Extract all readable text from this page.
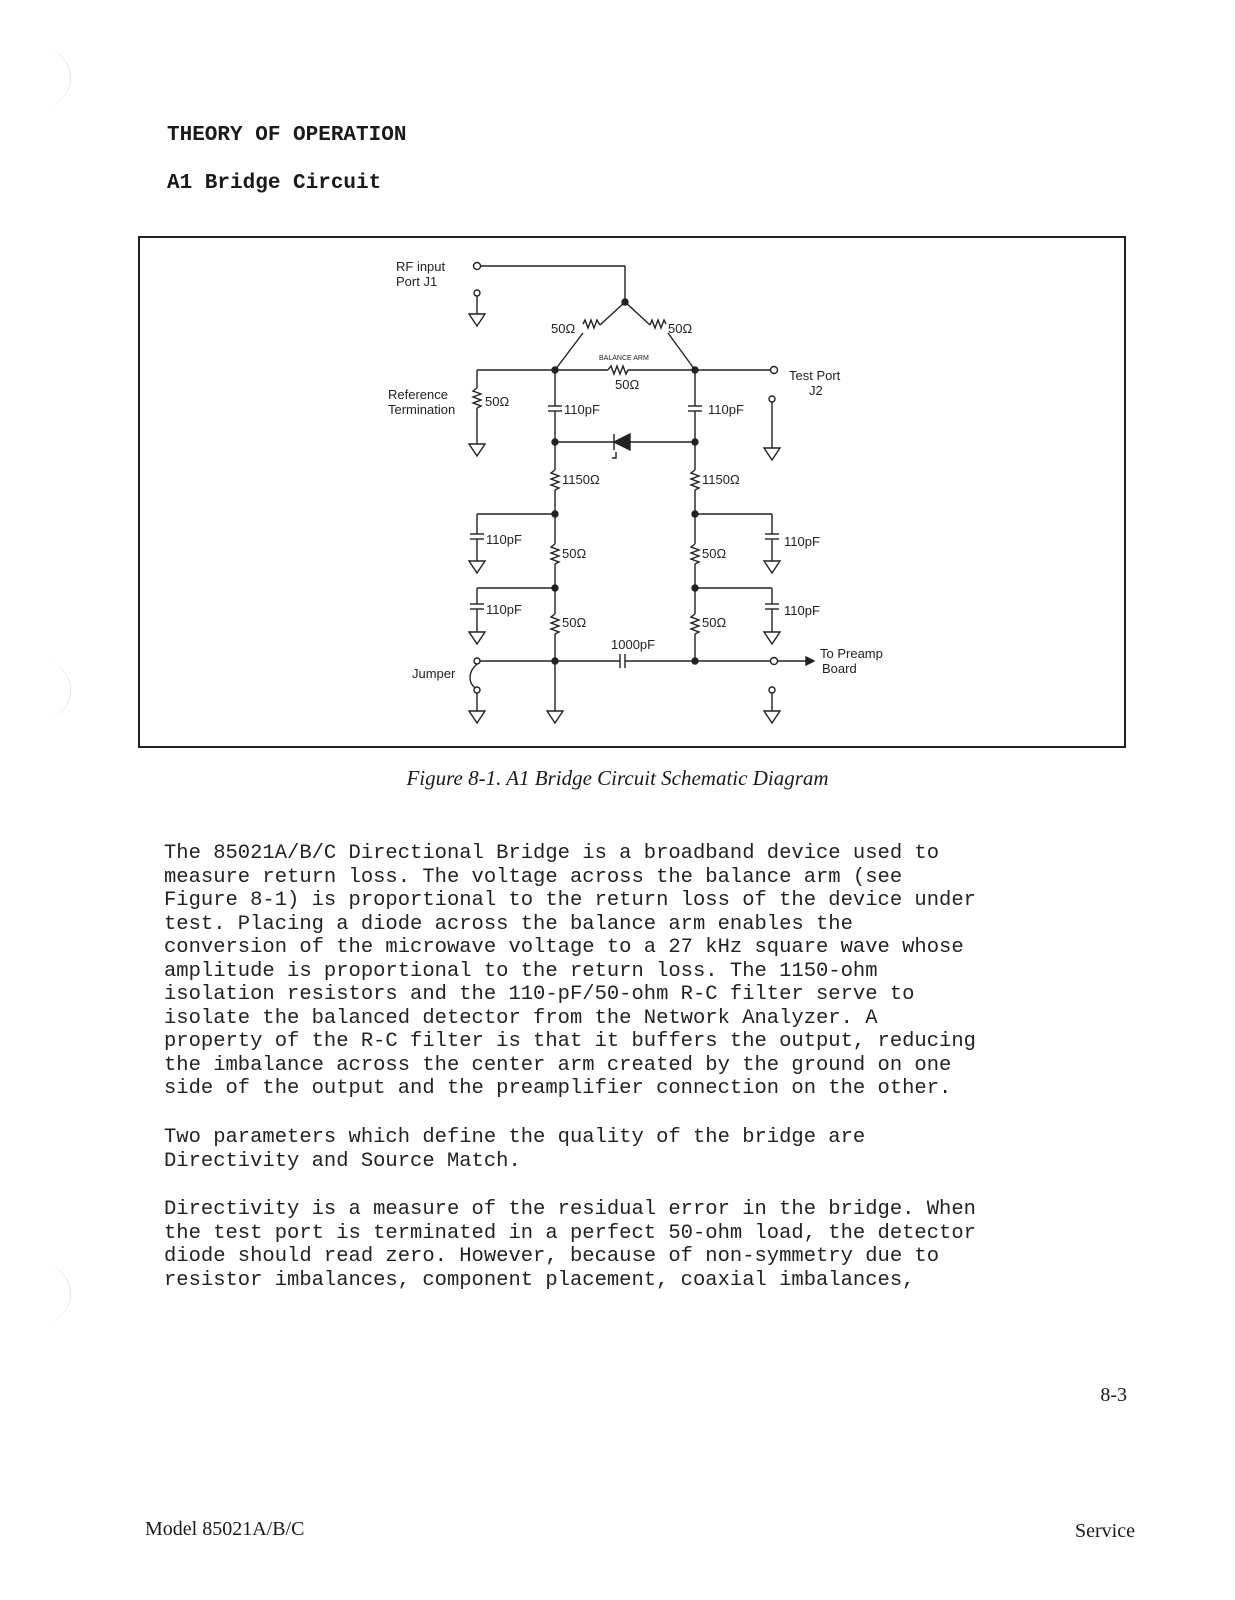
THEORY OF OPERATION
A1 Bridge Circuit
RF input
Port J1
50Ω	50Ω
BALANCE ARM
50Ω
Test Port
J2
Reference
Termination
50Ω
110pF	110pF
1150Ω	1150Ω
110pF
50Ω	50Ω
110pF
110pF
50Ω	50Ω
110pF
1000pF
To Preamp
Board
Jumper
Figure 8-1. A1 Bridge Circuit Schematic Diagram
The 85021A/B/C Directional Bridge is a broadband device used to
measure return loss. The voltage across the balance arm (see
Figure 8-1) is proportional to the return loss of the device under
test. Placing a diode across the balance arm enables the
conversion of the microwave voltage to a 27 kHz square wave whose
amplitude is proportional to the return loss. The 1150-ohm
isolation resistors and the 110-pF/50-ohm R-C filter serve to
isolate the balanced detector from the Network Analyzer. A
property of the R-C filter is that it buffers the output, reducing
the imbalance across the center arm created by the ground on one
side of the output and the preamplifier connection on the other.
Two parameters which define the quality of the bridge are
Directivity and Source Match.
Directivity is a measure of the residual error in the bridge. When
the test port is terminated in a perfect 50-ohm load, the detector
diode should read zero. However, because of non-symmetry due to
resistor imbalances, component placement, coaxial imbalances,
8-3
Model 85021A/B/C	Service
